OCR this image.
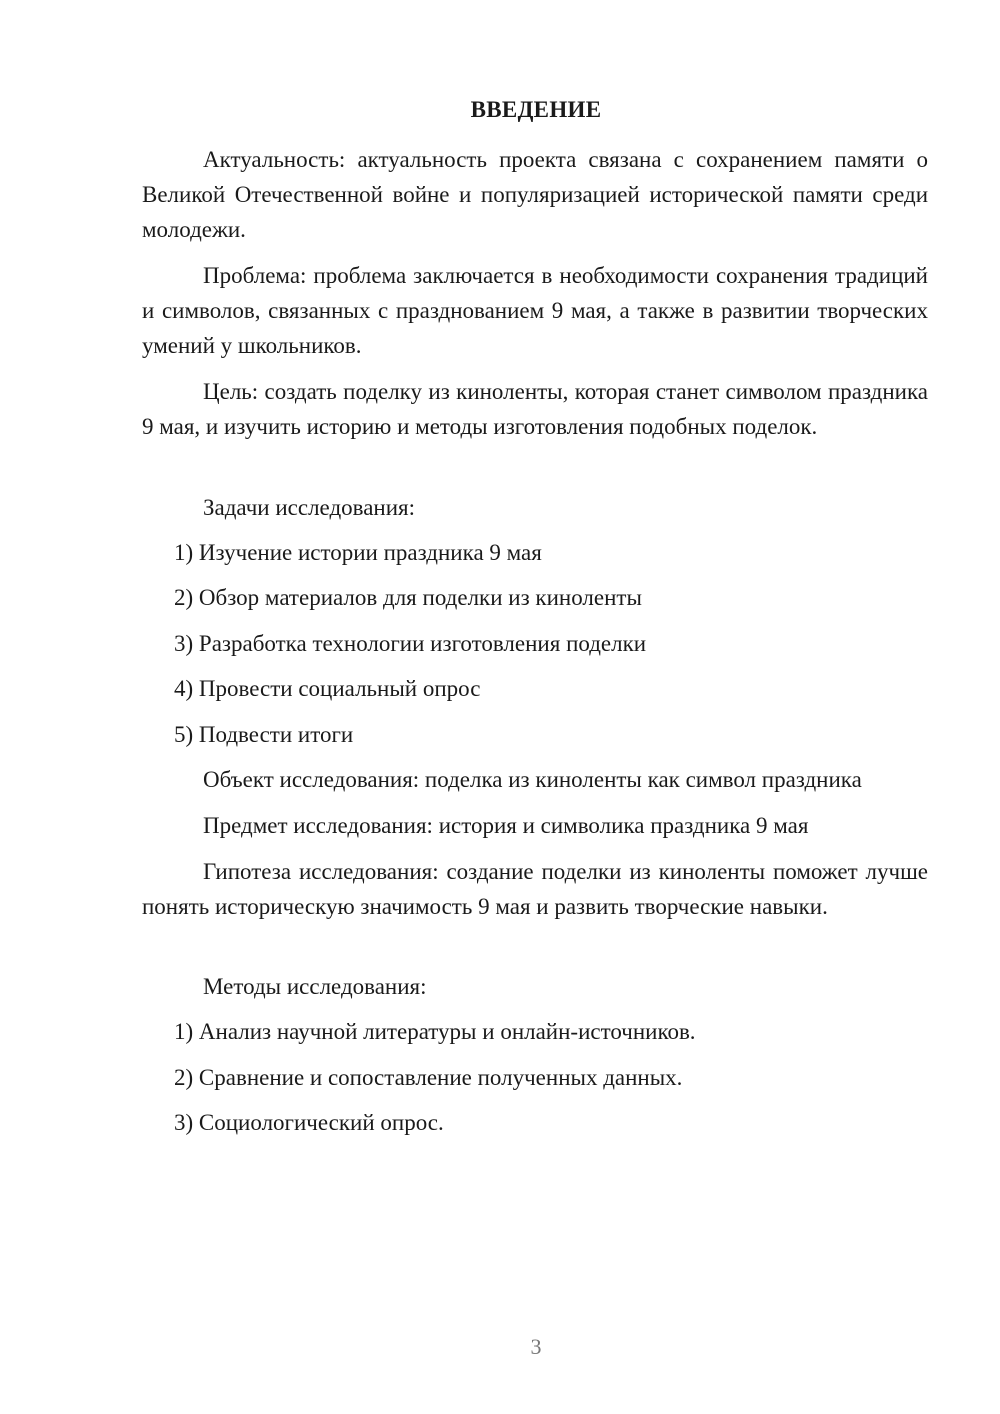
ВВЕДЕНИЕ
Актуальность: актуальность проекта связана с сохранением памяти о Великой Отечественной войне и популяризацией исторической памяти среди молодежи.
Проблема: проблема заключается в необходимости сохранения традиций и символов, связанных с празднованием 9 мая, а также в развитии творческих умений у школьников.
Цель: создать поделку из киноленты, которая станет символом праздника 9 мая, и изучить историю и методы изготовления подобных поделок.
Задачи исследования:
1) Изучение истории праздника 9 мая
2) Обзор материалов для поделки из киноленты
3) Разработка технологии изготовления поделки
4) Провести социальный опрос
5) Подвести итоги
Объект исследования: поделка из киноленты как символ праздника
Предмет исследования: история и символика праздника 9 мая
Гипотеза исследования: создание поделки из киноленты поможет лучше понять историческую значимость 9 мая и развить творческие навыки.
Методы исследования:
1) Анализ научной литературы и онлайн-источников.
2) Сравнение и сопоставление полученных данных.
3) Социологический опрос.
3
